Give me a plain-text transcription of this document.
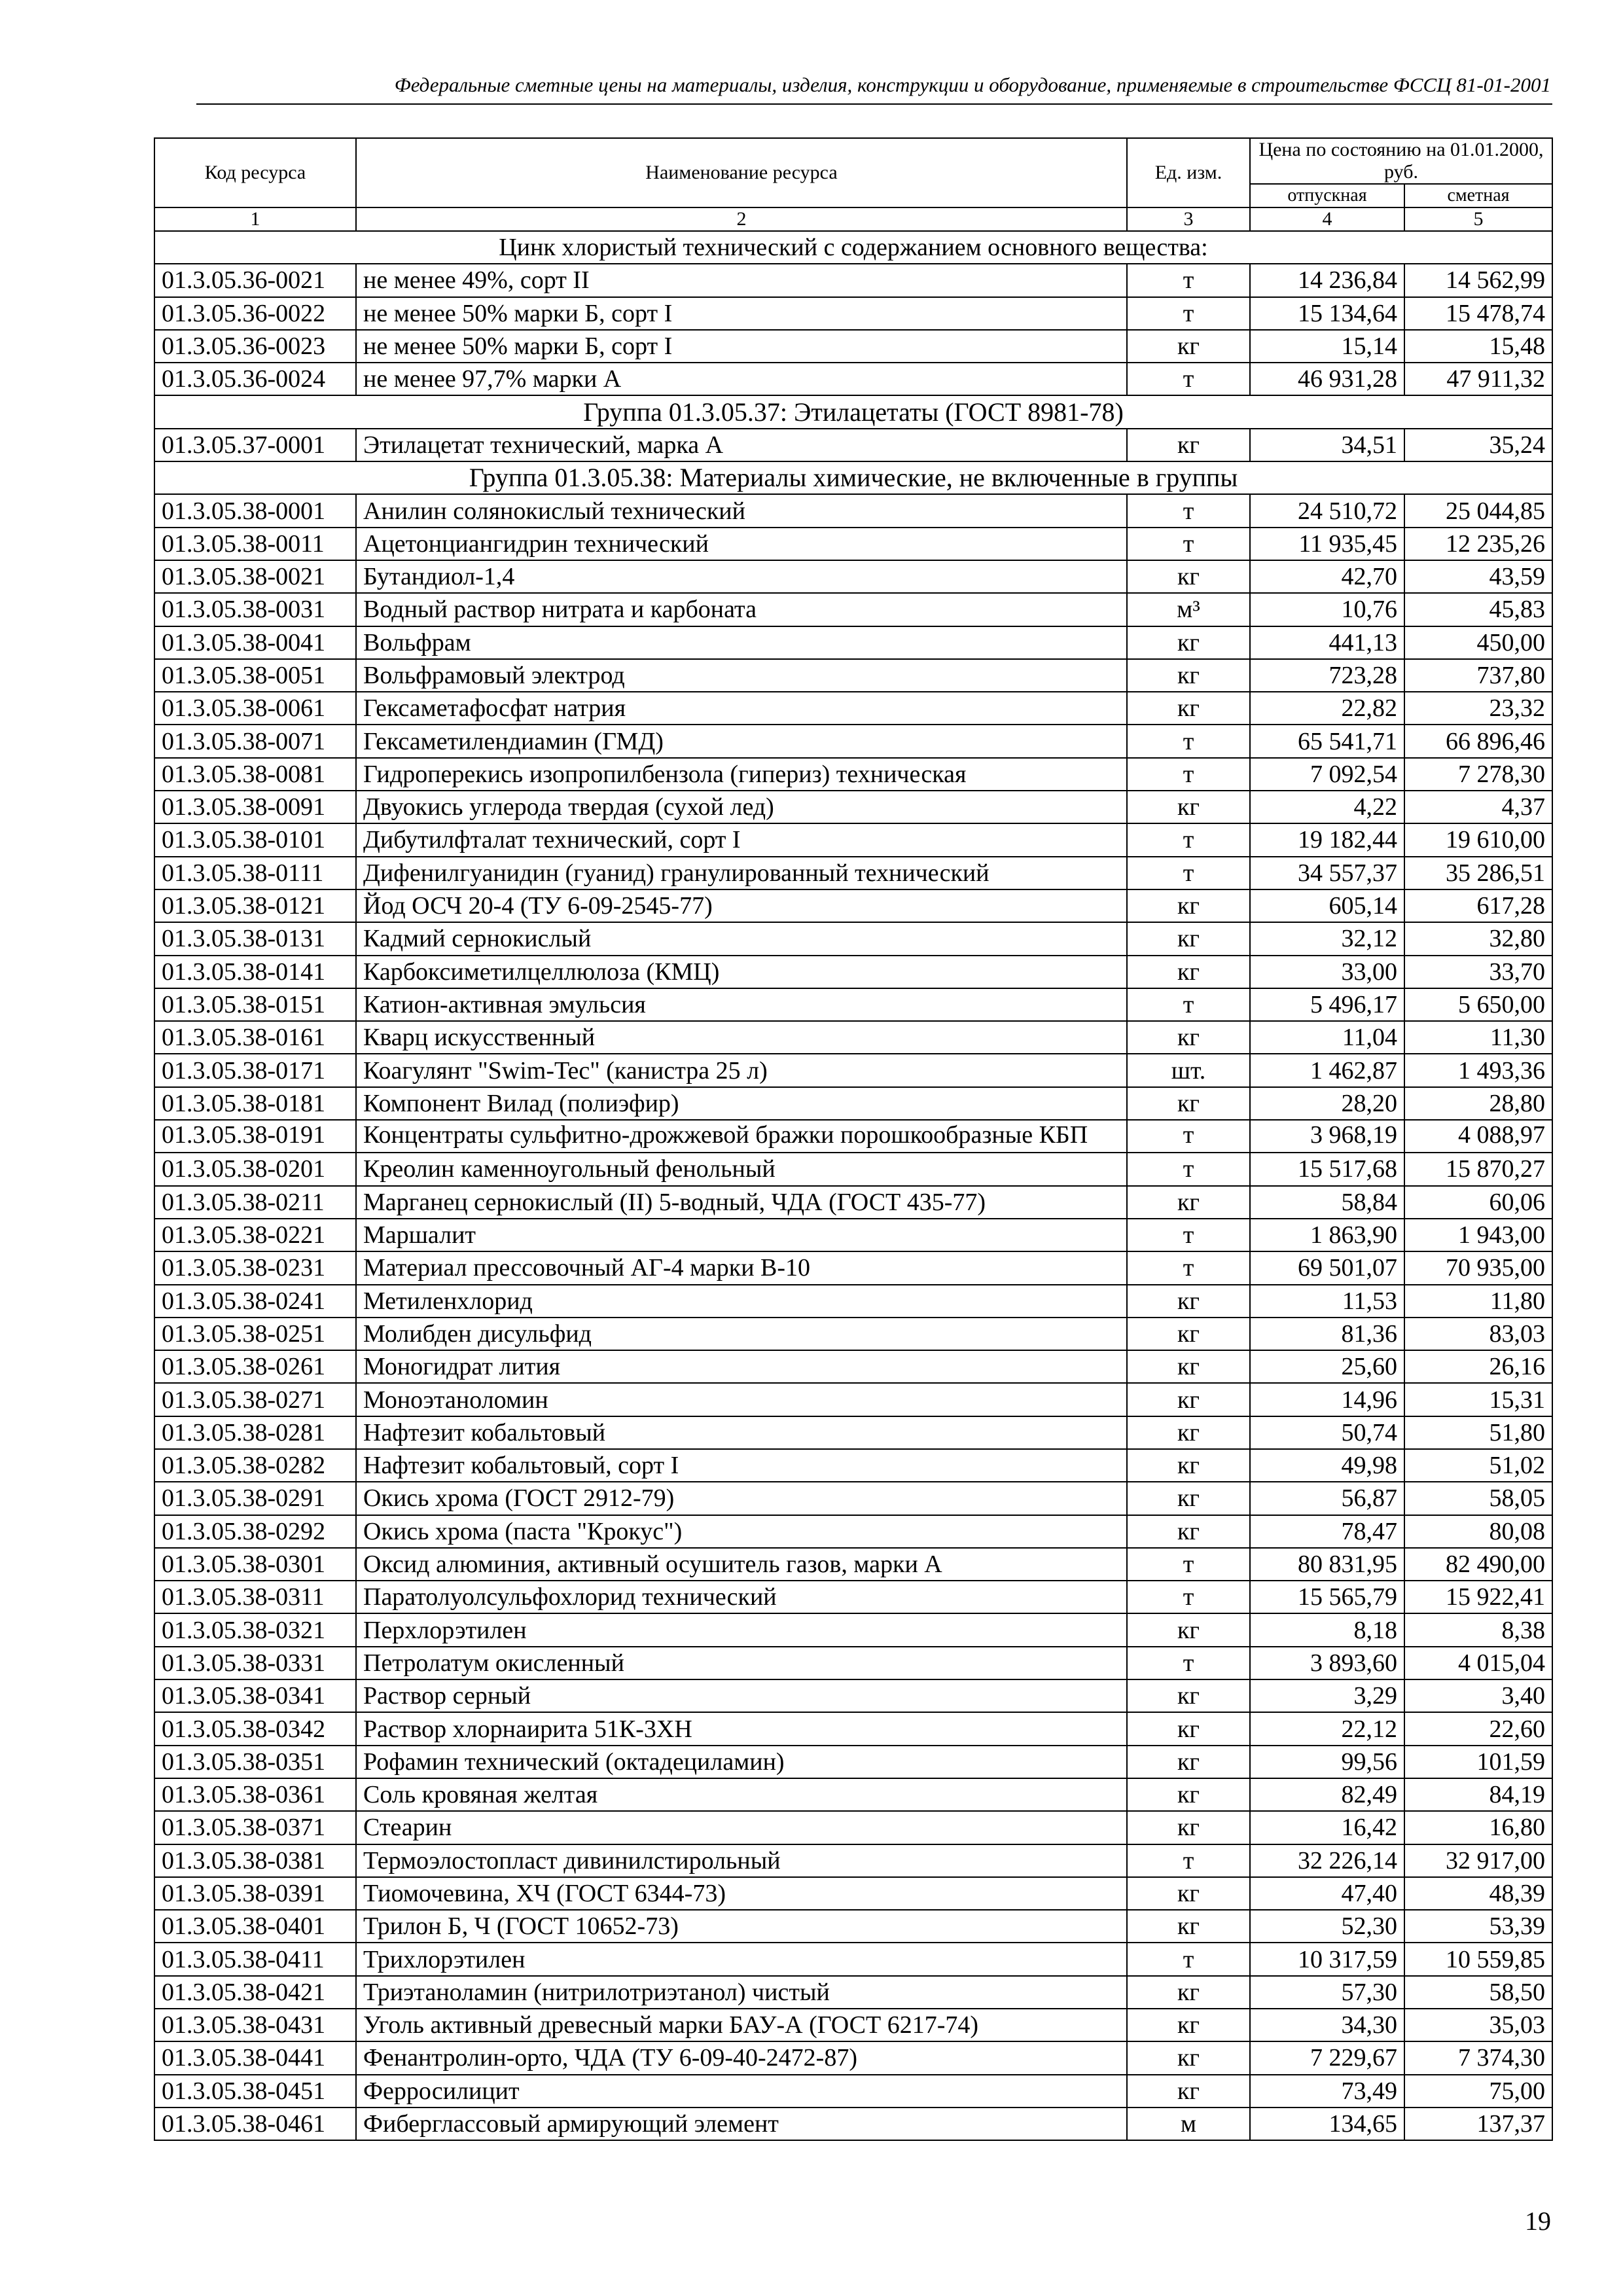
Федеральные сметные цены на материалы, изделия, конструкции и оборудование, применяемые в строительстве ФССЦ 81-01-2001
Код ресурса	Наименование ресурса	Ед. изм.	Цена по состоянию на 01.01.2000, руб.	
			отпускная	сметная
1	2	3	4	5
Цинк хлористый технический с содержанием основного вещества:				
01.3.05.36-0021	не менее 49%, сорт II	т	14 236,84	14 562,99
01.3.05.36-0022	не менее 50% марки Б, сорт I	т	15 134,64	15 478,74
01.3.05.36-0023	не менее 50% марки Б, сорт I	кг	15,14	15,48
01.3.05.36-0024	не менее 97,7% марки А	т	46 931,28	47 911,32
Группа 01.3.05.37: Этилацетаты (ГОСТ 8981-78)				
01.3.05.37-0001	Этилацетат технический, марка А	кг	34,51	35,24
Группа 01.3.05.38: Материалы химические, не включенные в группы				
01.3.05.38-0001	Анилин солянокислый технический	т	24 510,72	25 044,85
01.3.05.38-0011	Ацетонциангидрин технический	т	11 935,45	12 235,26
01.3.05.38-0021	Бутандиол-1,4	кг	42,70	43,59
01.3.05.38-0031	Водный раствор нитрата и карбоната	м³	10,76	45,83
01.3.05.38-0041	Вольфрам	кг	441,13	450,00
01.3.05.38-0051	Вольфрамовый электрод	кг	723,28	737,80
01.3.05.38-0061	Гексаметафосфат натрия	кг	22,82	23,32
01.3.05.38-0071	Гексаметилендиамин (ГМД)	т	65 541,71	66 896,46
01.3.05.38-0081	Гидроперекись изопропилбензола (гипериз) техническая	т	7 092,54	7 278,30
01.3.05.38-0091	Двуокись углерода твердая (сухой лед)	кг	4,22	4,37
01.3.05.38-0101	Дибутилфталат технический, сорт I	т	19 182,44	19 610,00
01.3.05.38-0111	Дифенилгуанидин (гуанид) гранулированный технический	т	34 557,37	35 286,51
01.3.05.38-0121	Йод ОСЧ 20-4 (ТУ 6-09-2545-77)	кг	605,14	617,28
01.3.05.38-0131	Кадмий сернокислый	кг	32,12	32,80
01.3.05.38-0141	Карбоксиметилцеллюлоза (КМЦ)	кг	33,00	33,70
01.3.05.38-0151	Катион-активная эмульсия	т	5 496,17	5 650,00
01.3.05.38-0161	Кварц искусственный	кг	11,04	11,30
01.3.05.38-0171	Коагулянт "Swim-Tec" (канистра 25 л)	шт.	1 462,87	1 493,36
01.3.05.38-0181	Компонент Вилад (полиэфир)	кг	28,20	28,80
01.3.05.38-0191	Концентраты сульфитно-дрожжевой бражки порошкообразные КБП	т	3 968,19	4 088,97
01.3.05.38-0201	Креолин каменноугольный фенольный	т	15 517,68	15 870,27
01.3.05.38-0211	Марганец сернокислый (II) 5-водный, ЧДА (ГОСТ 435-77)	кг	58,84	60,06
01.3.05.38-0221	Маршалит	т	1 863,90	1 943,00
01.3.05.38-0231	Материал прессовочный АГ-4 марки В-10	т	69 501,07	70 935,00
01.3.05.38-0241	Метиленхлорид	кг	11,53	11,80
01.3.05.38-0251	Молибден дисульфид	кг	81,36	83,03
01.3.05.38-0261	Моногидрат лития	кг	25,60	26,16
01.3.05.38-0271	Моноэтаноломин	кг	14,96	15,31
01.3.05.38-0281	Нафтезит кобальтовый	кг	50,74	51,80
01.3.05.38-0282	Нафтезит кобальтовый, сорт I	кг	49,98	51,02
01.3.05.38-0291	Окись хрома (ГОСТ 2912-79)	кг	56,87	58,05
01.3.05.38-0292	Окись хрома (паста "Крокус")	кг	78,47	80,08
01.3.05.38-0301	Оксид алюминия, активный осушитель газов, марки А	т	80 831,95	82 490,00
01.3.05.38-0311	Паратолуолсульфохлорид технический	т	15 565,79	15 922,41
01.3.05.38-0321	Перхлорэтилен	кг	8,18	8,38
01.3.05.38-0331	Петролатум окисленный	т	3 893,60	4 015,04
01.3.05.38-0341	Раствор серный	кг	3,29	3,40
01.3.05.38-0342	Раствор хлорнаирита 51К-3ХН	кг	22,12	22,60
01.3.05.38-0351	Рофамин технический (октадециламин)	кг	99,56	101,59
01.3.05.38-0361	Соль кровяная желтая	кг	82,49	84,19
01.3.05.38-0371	Стеарин	кг	16,42	16,80
01.3.05.38-0381	Термоэлостопласт дивинилстирольный	т	32 226,14	32 917,00
01.3.05.38-0391	Тиомочевина, ХЧ (ГОСТ 6344-73)	кг	47,40	48,39
01.3.05.38-0401	Трилон Б, Ч (ГОСТ 10652-73)	кг	52,30	53,39
01.3.05.38-0411	Трихлорэтилен	т	10 317,59	10 559,85
01.3.05.38-0421	Триэтаноламин (нитрилотриэтанол) чистый	кг	57,30	58,50
01.3.05.38-0431	Уголь активный древесный марки БАУ-А (ГОСТ 6217-74)	кг	34,30	35,03
01.3.05.38-0441	Фенантролин-орто, ЧДА (ТУ 6-09-40-2472-87)	кг	7 229,67	7 374,30
01.3.05.38-0451	Ферросилицит	кг	73,49	75,00
01.3.05.38-0461	Фиберглассовый армирующий элемент	м	134,65	137,37
19
